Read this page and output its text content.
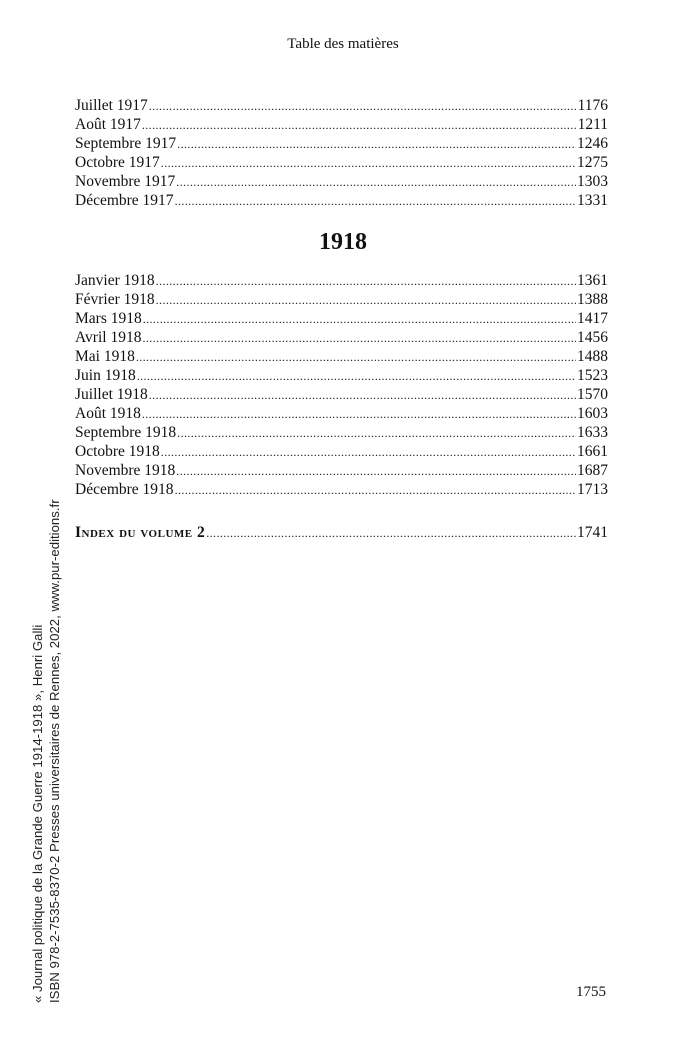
Table des matières
Juillet 1917 .....	1176
Août 1917 .....	1211
Septembre 1917 .....	1246
Octobre 1917 .....	1275
Novembre 1917 .....	1303
Décembre 1917 .....	1331
1918
Janvier 1918 .....	1361
Février 1918 .....	1388
Mars 1918 .....	1417
Avril 1918 .....	1456
Mai 1918 .....	1488
Juin 1918 .....	1523
Juillet 1918 .....	1570
Août 1918 .....	1603
Septembre 1918 .....	1633
Octobre 1918 .....	1661
Novembre 1918 .....	1687
Décembre 1918 .....	1713
Index du volume 2 .....	1741
1755
« Journal politique de la Grande Guerre 1914-1918 », Henri Galli ISBN 978-2-7535-8370-2 Presses universitaires de Rennes, 2022, www.pur-editions.fr
